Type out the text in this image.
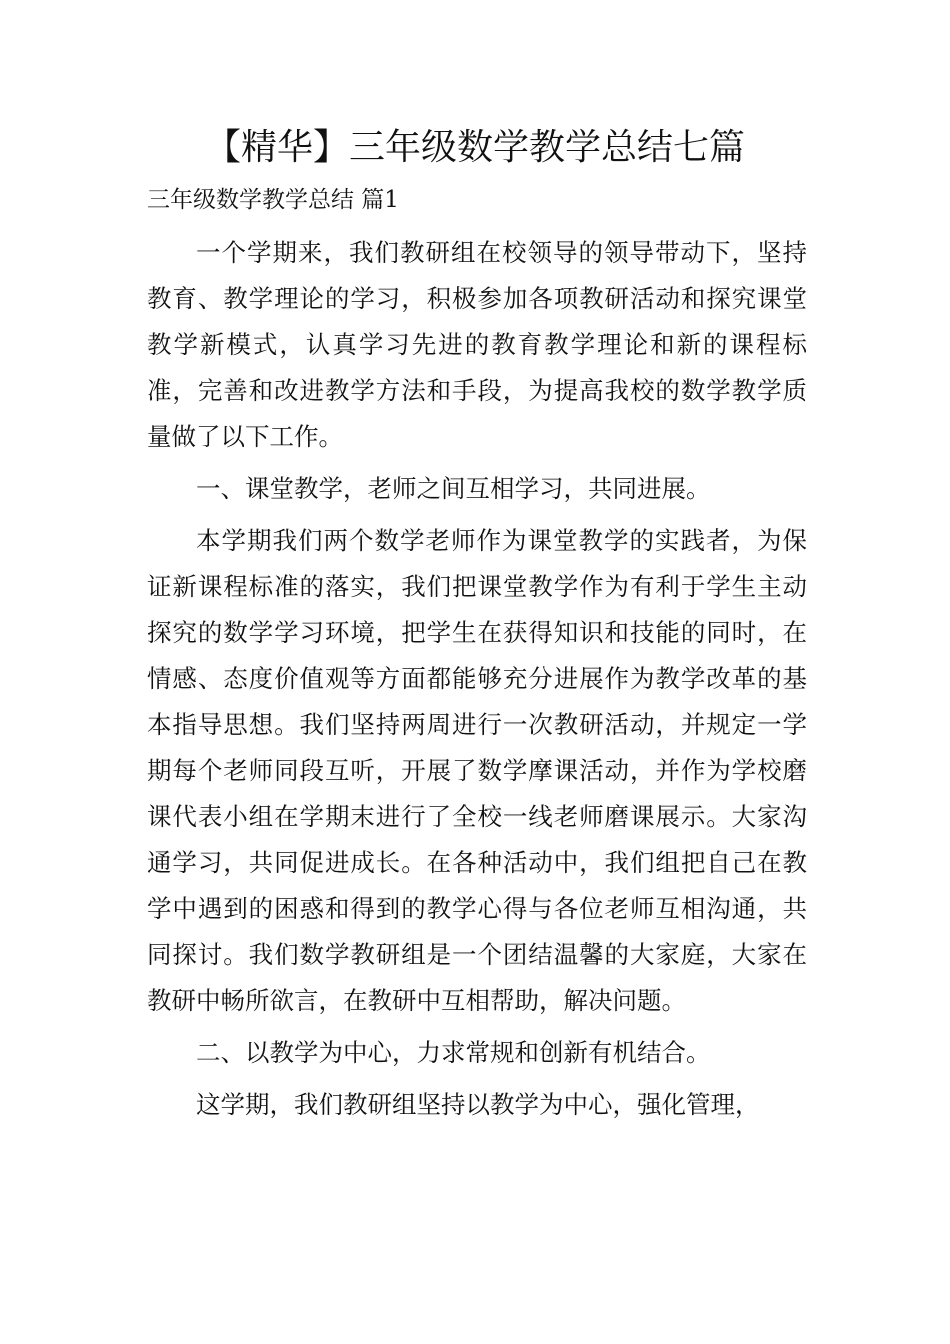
【精华】三年级数学教学总结七篇

三年级数学教学总结 篇1

一个学期来，我们教研组在校领导的领导带动下，坚持教育、教学理论的学习，积极参加各项教研活动和探究课堂教学新模式，认真学习先进的教育教学理论和新的课程标准，完善和改进教学方法和手段，为提高我校的数学教学质量做了以下工作。

一、课堂教学，老师之间互相学习，共同进展。

本学期我们两个数学老师作为课堂教学的实践者，为保证新课程标准的落实，我们把课堂教学作为有利于学生主动探究的数学学习环境，把学生在获得知识和技能的同时，在情感、态度价值观等方面都能够充分进展作为教学改革的基本指导思想。我们坚持两周进行一次教研活动，并规定一学期每个老师同段互听，开展了数学摩课活动，并作为学校磨课代表小组在学期末进行了全校一线老师磨课展示。大家沟通学习，共同促进成长。在各种活动中，我们组把自己在教学中遇到的困惑和得到的教学心得与各位老师互相沟通，共同探讨。我们数学教研组是一个团结温馨的大家庭，大家在教研中畅所欲言，在教研中互相帮助，解决问题。

二、以教学为中心，力求常规和创新有机结合。

这学期，我们教研组坚持以教学为中心，强化管理，
